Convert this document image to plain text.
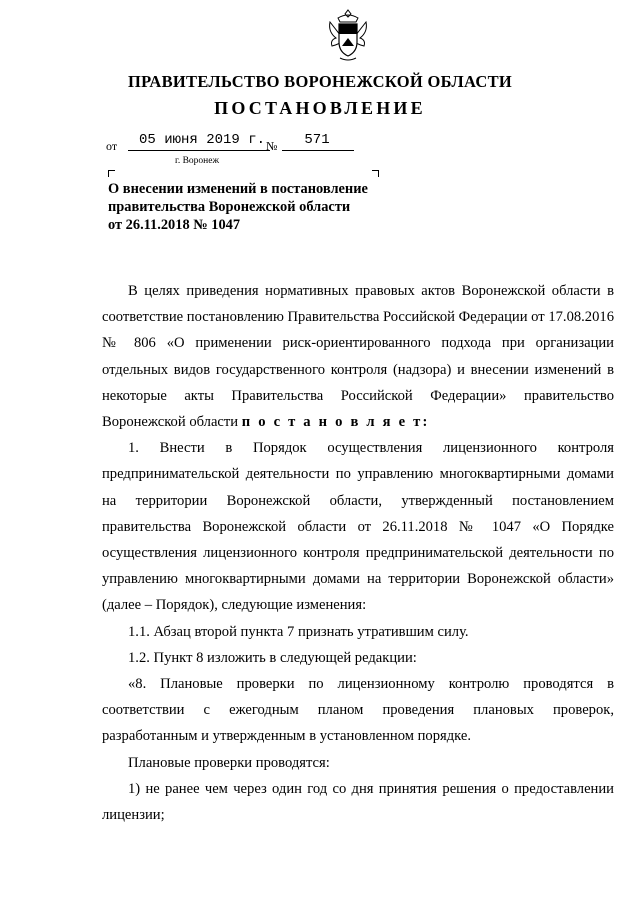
ПРАВИТЕЛЬСТВО ВОРОНЕЖСКОЙ ОБЛАСТИ
ПОСТАНОВЛЕНИЕ
от	05 июня 2019 г. №	571
г. Воронеж
О внесении изменений в постановление
правительства Воронежской области
от 26.11.2018 № 1047

В целях приведения нормативных правовых актов Воронежской области в соответствие постановлению Правительства Российской Федерации от 17.08.2016 № 806 «О применении риск-ориентированного подхода при организации отдельных видов государственного контроля (надзора) и внесении изменений в некоторые акты Правительства Российской Федерации» правительство Воронежской области п о с т а н о в л я е т:

1. Внести в Порядок осуществления лицензионного контроля предпринимательской деятельности по управлению многоквартирными домами на территории Воронежской области, утвержденный постановлением правительства Воронежской области от 26.11.2018 № 1047 «О Порядке осуществления лицензионного контроля предпринимательской деятельности по управлению многоквартирными домами на территории Воронежской области» (далее – Порядок), следующие изменения:

1.1. Абзац второй пункта 7 признать утратившим силу.

1.2. Пункт 8 изложить в следующей редакции:

«8. Плановые проверки по лицензионному контролю проводятся в соответствии с ежегодным планом проведения плановых проверок, разработанным и утвержденным в установленном порядке.

Плановые проверки проводятся:

1) не ранее чем через один год со дня принятия решения о предоставлении лицензии;
